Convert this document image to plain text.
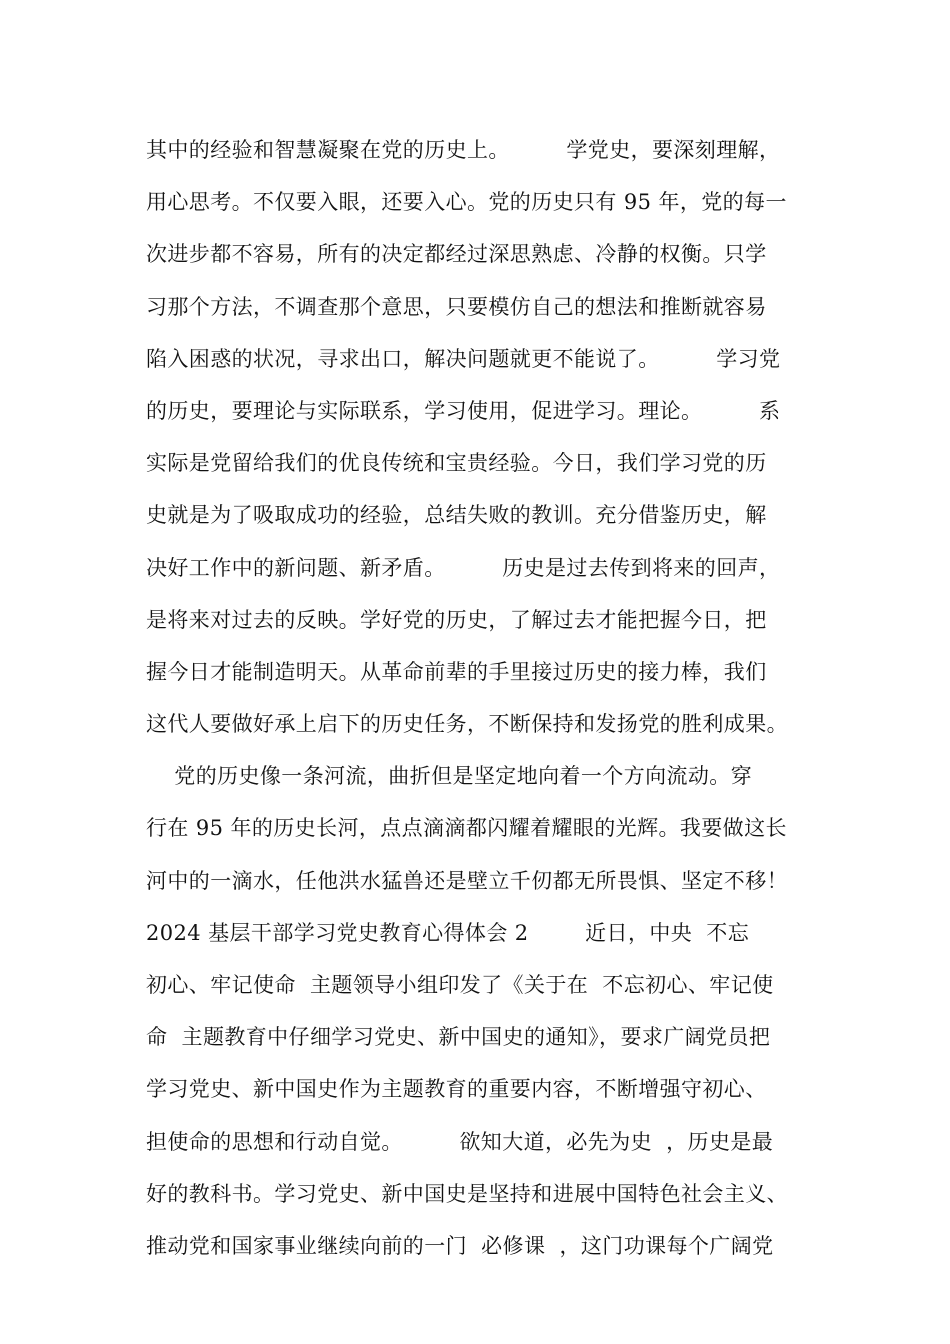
其中的经验和智慧凝聚在党的历史上。        学党史，要深刻理解，
用心思考。不仅要入眼，还要入心。党的历史只有 95 年，党的每一
次进步都不容易，所有的决定都经过深思熟虑、冷静的权衡。只学
习那个方法，不调查那个意思，只要模仿自己的想法和推断就容易
陷入困惑的状况，寻求出口，解决问题就更不能说了。        学习党
的历史，要理论与实际联系，学习使用，促进学习。理论。        系
实际是党留给我们的优良传统和宝贵经验。今日，我们学习党的历
史就是为了吸取成功的经验，总结失败的教训。充分借鉴历史，解
决好工作中的新问题、新矛盾。        历史是过去传到将来的回声，
是将来对过去的反映。学好党的历史，了解过去才能把握今日，把
握今日才能制造明天。从革命前辈的手里接过历史的接力棒，我们
这代人要做好承上启下的历史任务，不断保持和发扬党的胜利成果。
党的历史像一条河流，曲折但是坚定地向着一个方向流动。穿
行在 95 年的历史长河，点点滴滴都闪耀着耀眼的光辉。我要做这长
河中的一滴水，任他洪水猛兽还是壁立千仞都无所畏惧、坚定不移！
2024 基层干部学习党史教育心得体会 2        近日，中央  不忘
初心、牢记使命  主题领导小组印发了《关于在  不忘初心、牢记使
命  主题教育中仔细学习党史、新中国史的通知》，要求广阔党员把
学习党史、新中国史作为主题教育的重要内容，不断增强守初心、
担使命的思想和行动自觉。        欲知大道，必先为史  ，历史是最
好的教科书。学习党史、新中国史是坚持和进展中国特色社会主义、
推动党和国家事业继续向前的一门  必修课  ，这门功课每个广阔党
